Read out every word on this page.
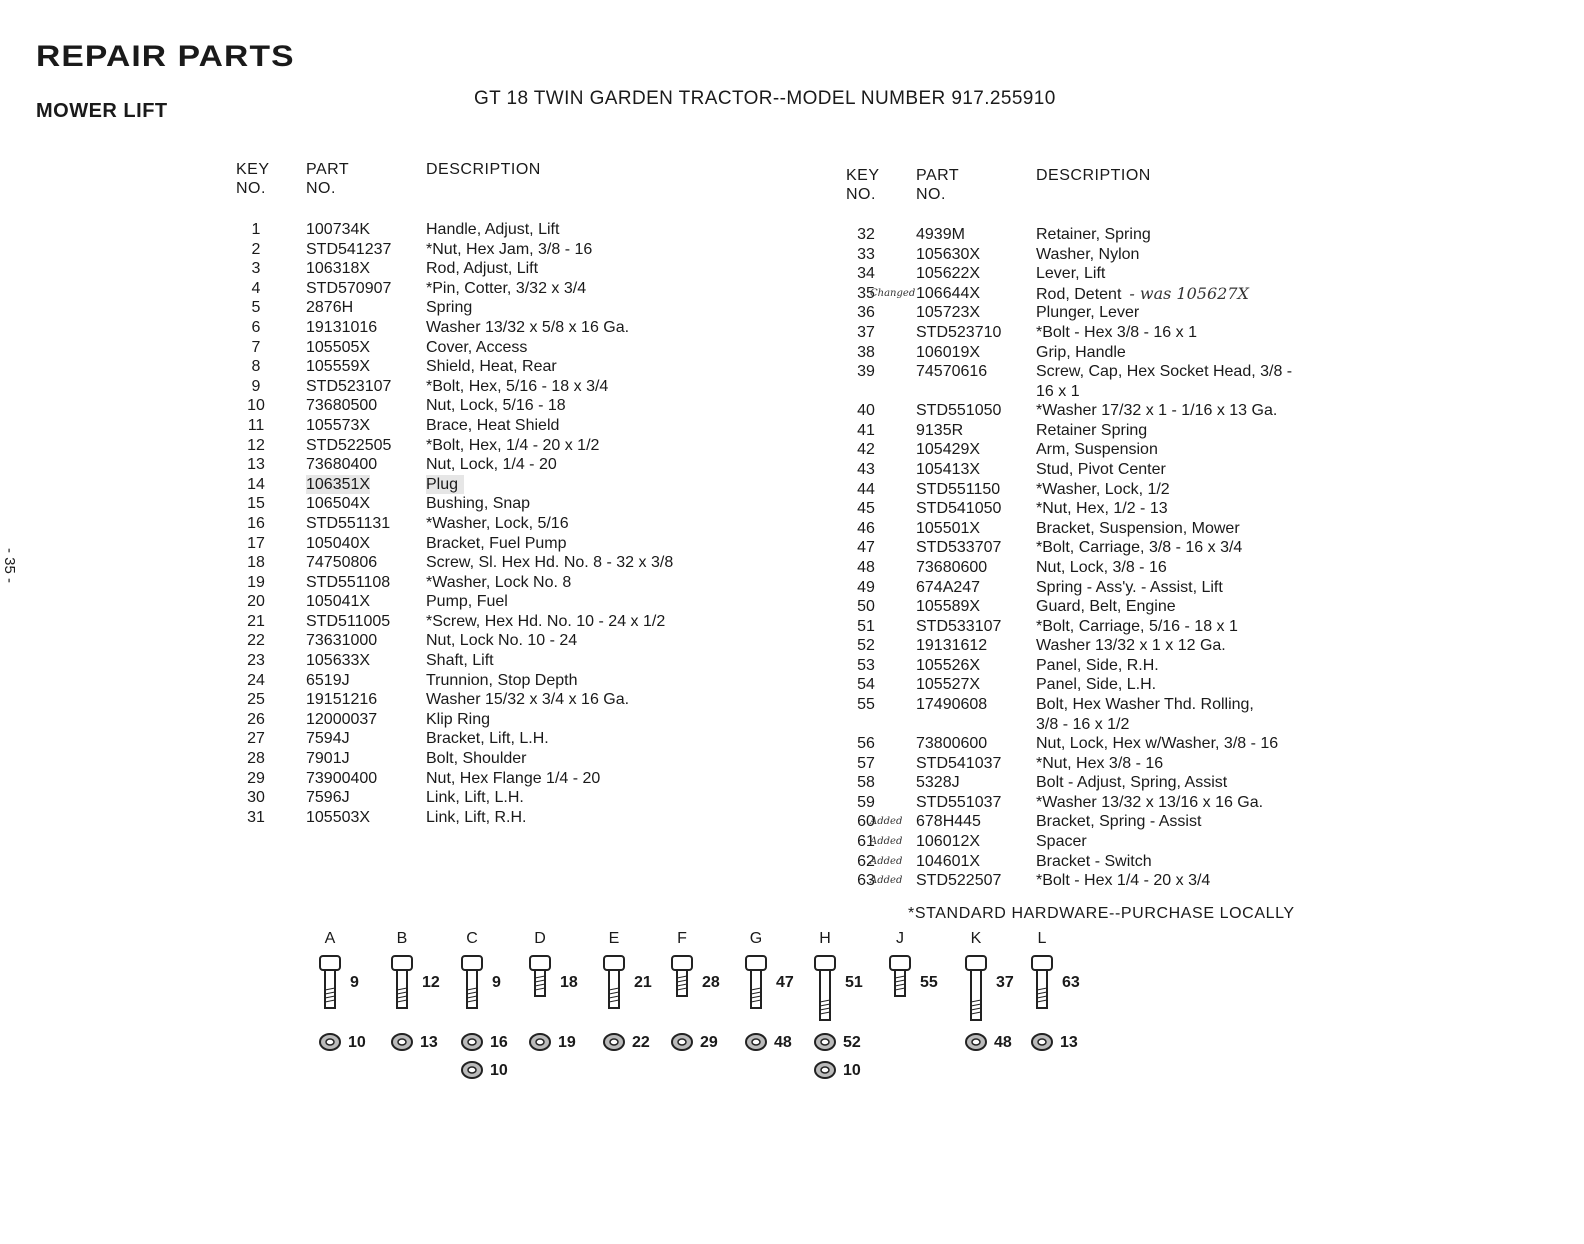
REPAIR PARTS
MOWER LIFT
GT 18 TWIN GARDEN TRACTOR--MODEL NUMBER 917.255910
- 35 -
KEY
NO.
PART
NO.
DESCRIPTION
1	100734K	Handle, Adjust, Lift
2	STD541237 *Nut, Hex Jam, 3/8 - 16
3	106318X	Rod, Adjust, Lift
4	STD570907 *Pin, Cotter, 3/32 x 3/4
5	2876H	Spring
6	19131016	Washer 13/32 x 5/8 x 16 Ga.
7	105505X	Cover, Access
8	105559X	Shield, Heat, Rear
9	STD523107 *Bolt, Hex, 5/16 - 18 x 3/4
10	73680500	Nut, Lock, 5/16 - 18
11	105573X	Brace, Heat Shield
12	STD522505 *Bolt, Hex, 1/4 - 20 x 1/2
13	73680400	Nut, Lock, 1/4 - 20
14	106351X	Plug
15	106504X	Bushing, Snap
16	STD551131 *Washer, Lock, 5/16
17	105040X	Bracket, Fuel Pump
18	74750806	Screw, Sl. Hex Hd. No. 8 - 32 x 3/8
19	STD551108 *Washer, Lock No. 8
20	105041X	Pump, Fuel
21	STD511005 *Screw, Hex Hd. No. 10 - 24 x 1/2
22	73631000	Nut, Lock No. 10 - 24
23	105633X	Shaft, Lift
24	6519J	Trunnion, Stop Depth
25	19151216	Washer 15/32 x 3/4 x 16 Ga.
26	12000037	Klip Ring
27	7594J	Bracket, Lift, L.H.
28	7901J	Bolt, Shoulder
29	73900400	Nut, Hex Flange 1/4 - 20
30	7596J	Link, Lift, L.H.
31	105503X	Link, Lift, R.H.
KEY
NO.
PART
NO.
DESCRIPTION
32	4939M	Retainer, Spring
33	105630X	Washer, Nylon
34	105622X	Lever, Lift
35	106644X	Rod, Detent - was 105627X
Changed
36	105723X	Plunger, Lever
37	STD523710 *Bolt - Hex 3/8 - 16 x 1
38	106019X	Grip, Handle
39	74570616	Screw, Cap, Hex Socket Head, 3/8 -
16 x 1
40	STD551050 *Washer 17/32 x 1 - 1/16 x 13 Ga.
41	9135R	Retainer Spring
42	105429X	Arm, Suspension
43	105413X	Stud, Pivot Center
44	STD551150 *Washer, Lock, 1/2
45	STD541050 *Nut, Hex, 1/2 - 13
46	105501X	Bracket, Suspension, Mower
47	STD533707 *Bolt, Carriage, 3/8 - 16 x 3/4
48	73680600	Nut, Lock, 3/8 - 16
49	674A247	Spring - Ass'y. - Assist, Lift
50	105589X	Guard, Belt, Engine
51	STD533107 *Bolt, Carriage, 5/16 - 18 x 1
52	19131612	Washer 13/32 x 1 x 12 Ga.
53	105526X	Panel, Side, R.H.
54	105527X	Panel, Side, L.H.
55	17490608	Bolt, Hex Washer Thd. Rolling,
3/8 - 16 x 1/2
56	73800600	Nut, Lock, Hex w/Washer, 3/8 - 16
57	STD541037 *Nut, Hex 3/8 - 16
58	5328J	Bolt - Adjust, Spring, Assist
59	STD551037 *Washer 13/32 x 13/16 x 16 Ga.
60	678H445	Bracket, Spring - Assist
Added
61	106012X	Spacer
Added
62	104601X	Bracket - Switch
Added
63	STD522507 *Bolt - Hex 1/4 - 20 x 3/4
Added
*STANDARD HARDWARE--PURCHASE LOCALLY
A
9
10
B
12
13
C
9
16
10
D
18
19
E
21
22
F
28
29
G
47
48
H
51
52
10
J
55
K
37
48
L
63
13
